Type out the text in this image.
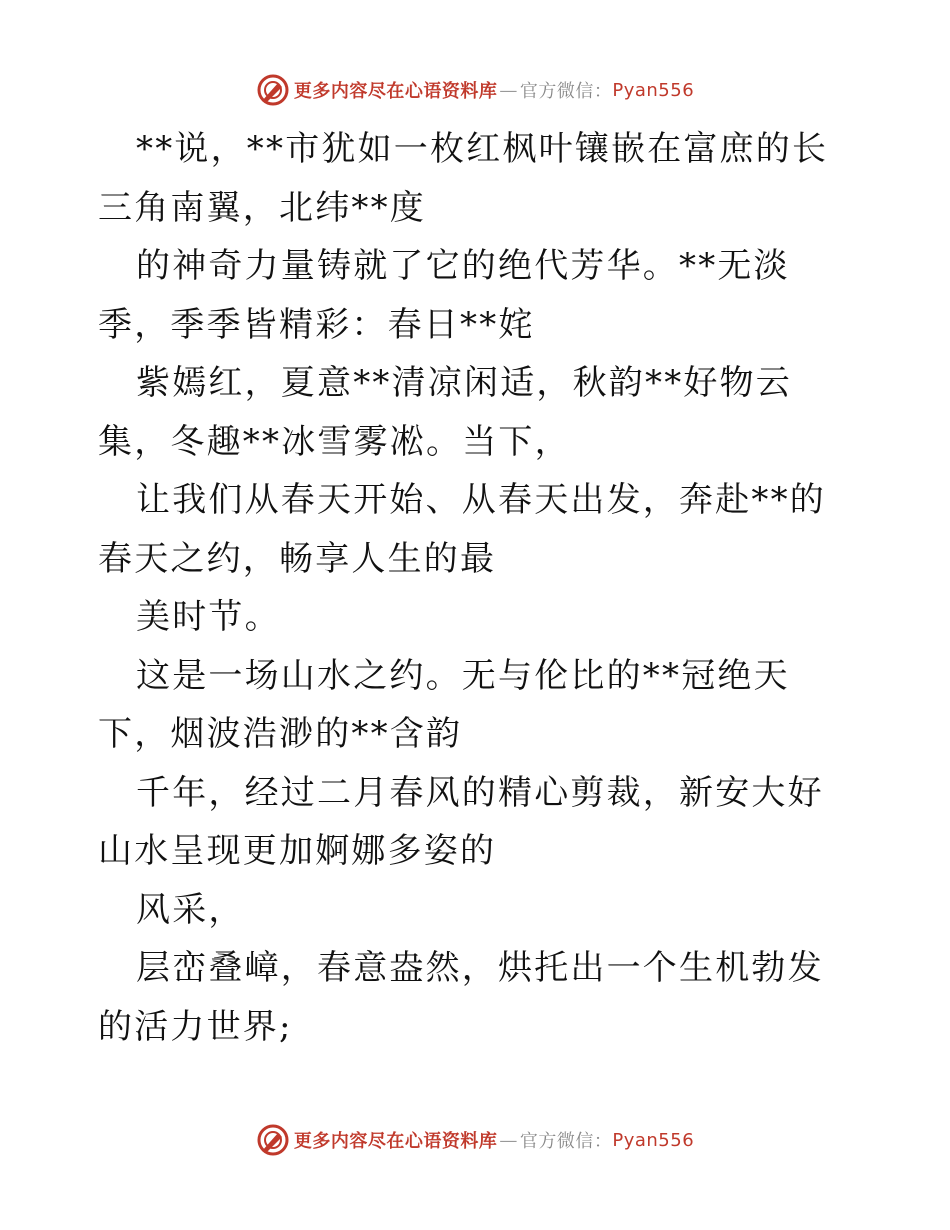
更多内容尽在心语资料库 — 官方微信： Pyan556

**说，**市犹如一枚红枫叶镶嵌在富庶的长三角南翼，北纬**度

的神奇力量铸就了它的绝代芳华。**无淡季，季季皆精彩：春日**姹

紫嫣红，夏意**清凉闲适，秋韵**好物云集，冬趣**冰雪雾凇。当下，

让我们从春天开始、从春天出发，奔赴**的春天之约，畅享人生的最

美时节。

这是一场山水之约。无与伦比的**冠绝天下，烟波浩渺的**含韵

千年，经过二月春风的精心剪裁，新安大好山水呈现更加婀娜多姿的

风采，

层峦叠嶂，春意盎然，烘托出一个生机勃发的活力世界;

更多内容尽在心语资料库 — 官方微信： Pyan556
